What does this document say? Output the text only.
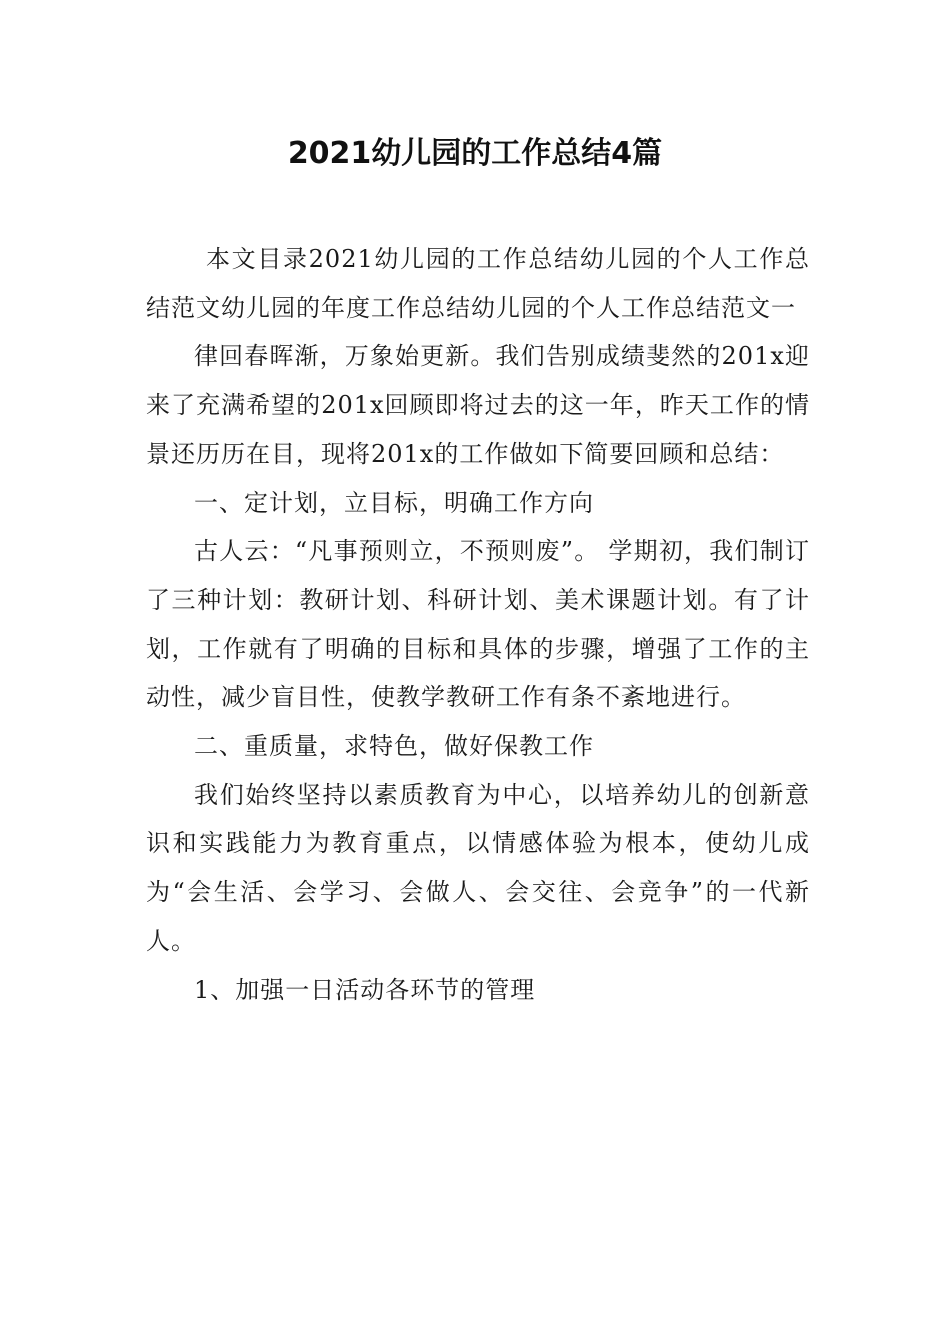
2021幼儿园的工作总结4篇

本文目录2021幼儿园的工作总结幼儿园的个人工作总结范文幼儿园的年度工作总结幼儿园的个人工作总结范文一

律回春晖渐，万象始更新。我们告别成绩斐然的201x迎来了充满希望的201x回顾即将过去的这一年，昨天工作的情景还历历在目，现将201x的工作做如下简要回顾和总结：

一、定计划，立目标，明确工作方向

古人云：“凡事预则立，不预则废”。 学期初，我们制订了三种计划：教研计划、科研计划、美术课题计划。有了计划，工作就有了明确的目标和具体的步骤，增强了工作的主动性，减少盲目性，使教学教研工作有条不紊地进行。

二、重质量，求特色，做好保教工作

我们始终坚持以素质教育为中心，以培养幼儿的创新意识和实践能力为教育重点，以情感体验为根本，使幼儿成为“会生活、会学习、会做人、会交往、会竞争”的一代新人。

1、加强一日活动各环节的管理
